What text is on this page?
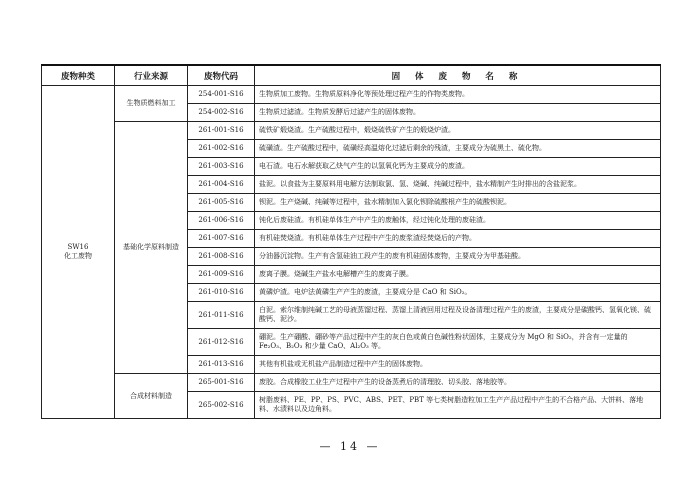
废物种类	行业来源	废物代码	固 体 废 物 名 称

SW16
化工废物	生物质燃料加工	254-001-S16	生物质加工废物。生物质原料净化等预处理过程产生的作物类废物。
		254-002-S16	生物质过滤渣。生物质发酵后过滤产生的固体废物。
	基础化学原料制造	261-001-S16	硫铁矿煅烧渣。生产硫酸过程中，煅烧硫铁矿产生的煅烧炉渣。
		261-002-S16	硫磺渣。生产硫酸过程中，硫磺经高温熔化过滤后剩余的残渣，主要成分为硫黑土、硫化物。
		261-003-S16	电石渣。电石水解获取乙炔气产生的以氢氧化钙为主要成分的废渣。
		261-004-S16	盐泥。以食盐为主要原料用电解方法制取氯、氢、烧碱、纯碱过程中，盐水精制产生时排出的含盐泥浆。
		261-005-S16	钡泥。生产烧碱、纯碱等过程中，盐水精制加入氯化钡除硫酸根产生的硫酸钡泥。
		261-006-S16	钝化后废硅渣。有机硅单体生产中产生的废触体，经过钝化处理的废硅渣。
		261-007-S16	有机硅焚烧渣。有机硅单体生产过程中产生的废浆渣经焚烧后的产物。
		261-008-S16	分油器沉淀物。生产有含氢硅油工段产生的废有机硅固体废物，主要成分为甲基硅酸。
		261-009-S16	废离子膜。烧碱生产盐水电解槽产生的废离子膜。
		261-010-S16	黄磷炉渣。电炉法黄磷生产产生的废渣，主要成分是 CaO 和 SiO₂。
		261-011-S16	白泥。索尔维制纯碱工艺的母液蒸馏过程、蒸馏上清液回用过程及设备清理过程产生的废渣，主要成分是碳酸钙、氢氧化镁、硫酸钙、泥沙。
		261-012-S16	硼泥。生产硼酸、硼砂等产品过程中产生的灰白色或黄白色碱性粉状固体，主要成分为 MgO 和 SiO₂，并含有一定量的 Fe₂O₃、B₂O₃ 和少量 CaO、Al₂O₃ 等。
		261-013-S16	其他有机盐或无机盐产品制造过程中产生的固体废物。
	合成材料制造	265-001-S16	废胶。合成橡胶工业生产过程中产生的设备蒸煮后的清理胶、切头胶、落地胶等。
		265-002-S16	树脂废料、PE、PP、PS、PVC、ABS、PET、PBT 等七类树脂造粒加工生产产品过程中产生的不合格产品、大饼料、落地料、水渍料以及边角料。
— 14 —
